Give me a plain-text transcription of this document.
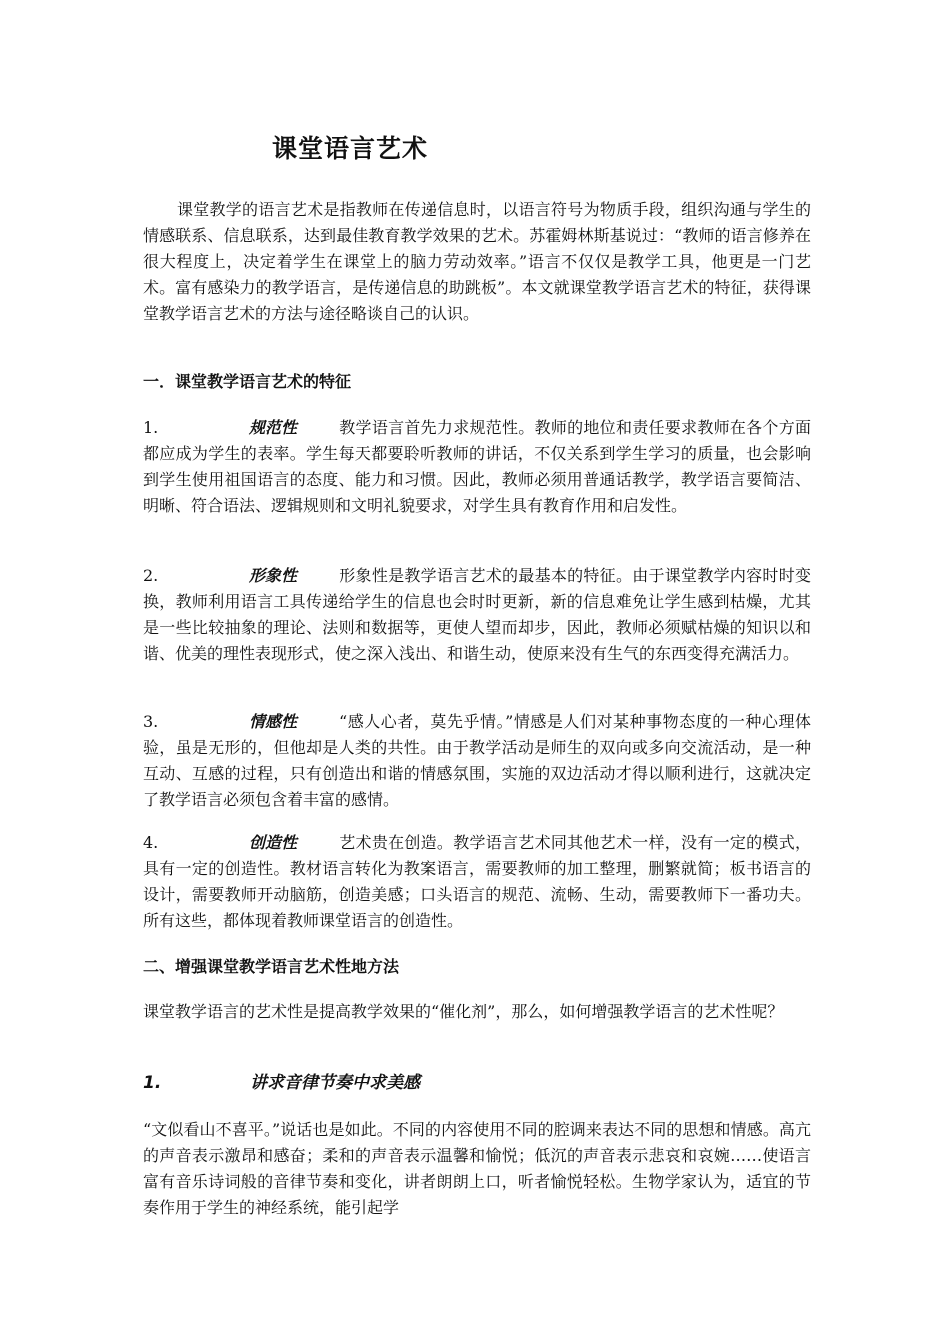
课堂语言艺术

课堂教学的语言艺术是指教师在传递信息时，以语言符号为物质手段，组织沟通与学生的情感联系、信息联系，达到最佳教育教学效果的艺术。苏霍姆林斯基说过：“教师的语言修养在很大程度上，决定着学生在课堂上的脑力劳动效率。”语言不仅仅是教学工具，他更是一门艺术。富有感染力的教学语言，是传递信息的助跳板”。本文就课堂教学语言艺术的特征，获得课堂教学语言艺术的方法与途径略谈自己的认识。

一．课堂教学语言艺术的特征

1.	规范性	教学语言首先力求规范性。教师的地位和责任要求教师在各个方面都应成为学生的表率。学生每天都要聆听教师的讲话，不仅关系到学生学习的质量，也会影响到学生使用祖国语言的态度、能力和习惯。因此，教师必须用普通话教学，教学语言要简洁、明晰、符合语法、逻辑规则和文明礼貌要求，对学生具有教育作用和启发性。

2.	形象性	形象性是教学语言艺术的最基本的特征。由于课堂教学内容时时变换，教师利用语言工具传递给学生的信息也会时时更新，新的信息难免让学生感到枯燥，尤其是一些比较抽象的理论、法则和数据等，更使人望而却步，因此，教师必须赋枯燥的知识以和谐、优美的理性表现形式，使之深入浅出、和谐生动，使原来没有生气的东西变得充满活力。

3.	情感性	“感人心者，莫先乎情。”情感是人们对某种事物态度的一种心理体验，虽是无形的，但他却是人类的共性。由于教学活动是师生的双向或多向交流活动，是一种互动、互感的过程，只有创造出和谐的情感氛围，实施的双边活动才得以顺利进行，这就决定了教学语言必须包含着丰富的感情。

4.	创造性	艺术贵在创造。教学语言艺术同其他艺术一样，没有一定的模式，具有一定的创造性。教材语言转化为教案语言，需要教师的加工整理，删繁就简；板书语言的设计，需要教师开动脑筋，创造美感；口头语言的规范、流畅、生动，需要教师下一番功夫。所有这些，都体现着教师课堂语言的创造性。

二、增强课堂教学语言艺术性地方法

课堂教学语言的艺术性是提高教学效果的“催化剂”，那么，如何增强教学语言的艺术性呢？

1.	讲求音律节奏中求美感

“文似看山不喜平。”说话也是如此。不同的内容使用不同的腔调来表达不同的思想和情感。高亢的声音表示激昂和感奋；柔和的声音表示温馨和愉悦；低沉的声音表示悲哀和哀婉……使语言富有音乐诗词般的音律节奏和变化，讲者朗朗上口，听者愉悦轻松。生物学家认为，适宜的节奏作用于学生的神经系统，能引起学
